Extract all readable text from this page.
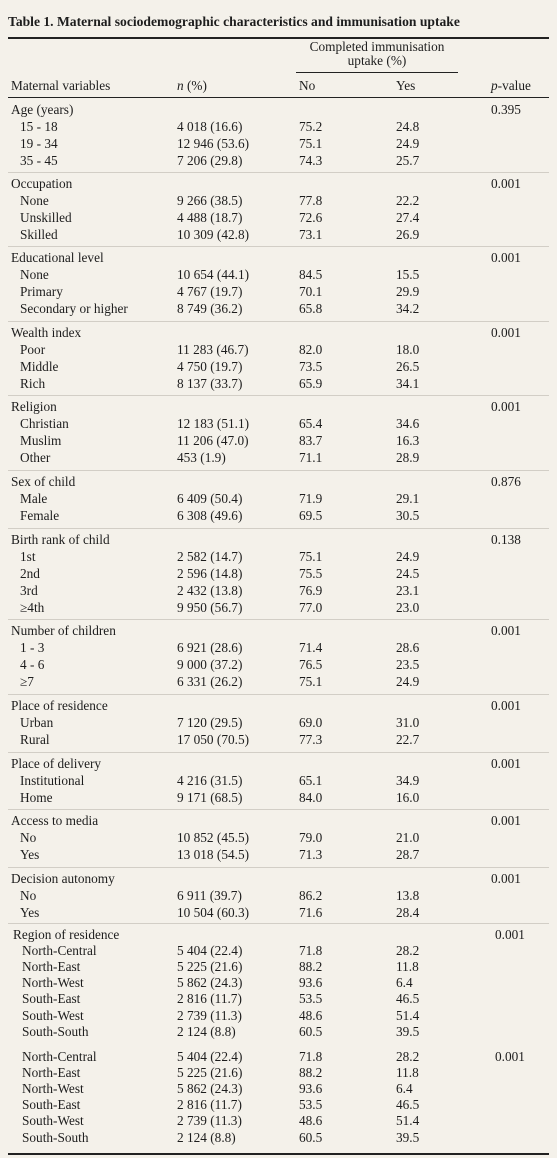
Table 1. Maternal sociodemographic characteristics and immunisation uptake
Completed immunisation uptake (%)
Maternal variables	n (%)	No	Yes	p-value
Age (years)	0.395
15 - 18	4 018 (16.6)	75.2	24.8
19 - 34	12 946 (53.6)	75.1	24.9
35 - 45	7 206 (29.8)	74.3	25.7
Occupation	0.001
None	9 266 (38.5)	77.8	22.2
Unskilled	4 488 (18.7)	72.6	27.4
Skilled	10 309 (42.8)	73.1	26.9
Educational level	0.001
None	10 654 (44.1)	84.5	15.5
Primary	4 767 (19.7)	70.1	29.9
Secondary or higher	8 749 (36.2)	65.8	34.2
Wealth index	0.001
Poor	11 283 (46.7)	82.0	18.0
Middle	4 750 (19.7)	73.5	26.5
Rich	8 137 (33.7)	65.9	34.1
Religion	0.001
Christian	12 183 (51.1)	65.4	34.6
Muslim	11 206 (47.0)	83.7	16.3
Other	453 (1.9)	71.1	28.9
Sex of child	0.876
Male	6 409 (50.4)	71.9	29.1
Female	6 308 (49.6)	69.5	30.5
Birth rank of child	0.138
1st	2 582 (14.7)	75.1	24.9
2nd	2 596 (14.8)	75.5	24.5
3rd	2 432 (13.8)	76.9	23.1
≥4th	9 950 (56.7)	77.0	23.0
Number of children	0.001
1 - 3	6 921 (28.6)	71.4	28.6
4 - 6	9 000 (37.2)	76.5	23.5
≥7	6 331 (26.2)	75.1	24.9
Place of residence	0.001
Urban	7 120 (29.5)	69.0	31.0
Rural	17 050 (70.5)	77.3	22.7
Place of delivery	0.001
Institutional	4 216 (31.5)	65.1	34.9
Home	9 171 (68.5)	84.0	16.0
Access to media	0.001
No	10 852 (45.5)	79.0	21.0
Yes	13 018 (54.5)	71.3	28.7
Decision autonomy	0.001
No	6 911 (39.7)	86.2	13.8
Yes	10 504 (60.3)	71.6	28.4
Region of residence	0.001
North-Central	5 404 (22.4)	71.8	28.2
North-East	5 225 (21.6)	88.2	11.8
North-West	5 862 (24.3)	93.6	6.4
South-East	2 816 (11.7)	53.5	46.5
South-West	2 739 (11.3)	48.6	51.4
South-South	2 124 (8.8)	60.5	39.5
North-Central	5 404 (22.4)	71.8	28.2	0.001
North-East	5 225 (21.6)	88.2	11.8
North-West	5 862 (24.3)	93.6	6.4
South-East	2 816 (11.7)	53.5	46.5
South-West	2 739 (11.3)	48.6	51.4
South-South	2 124 (8.8)	60.5	39.5
